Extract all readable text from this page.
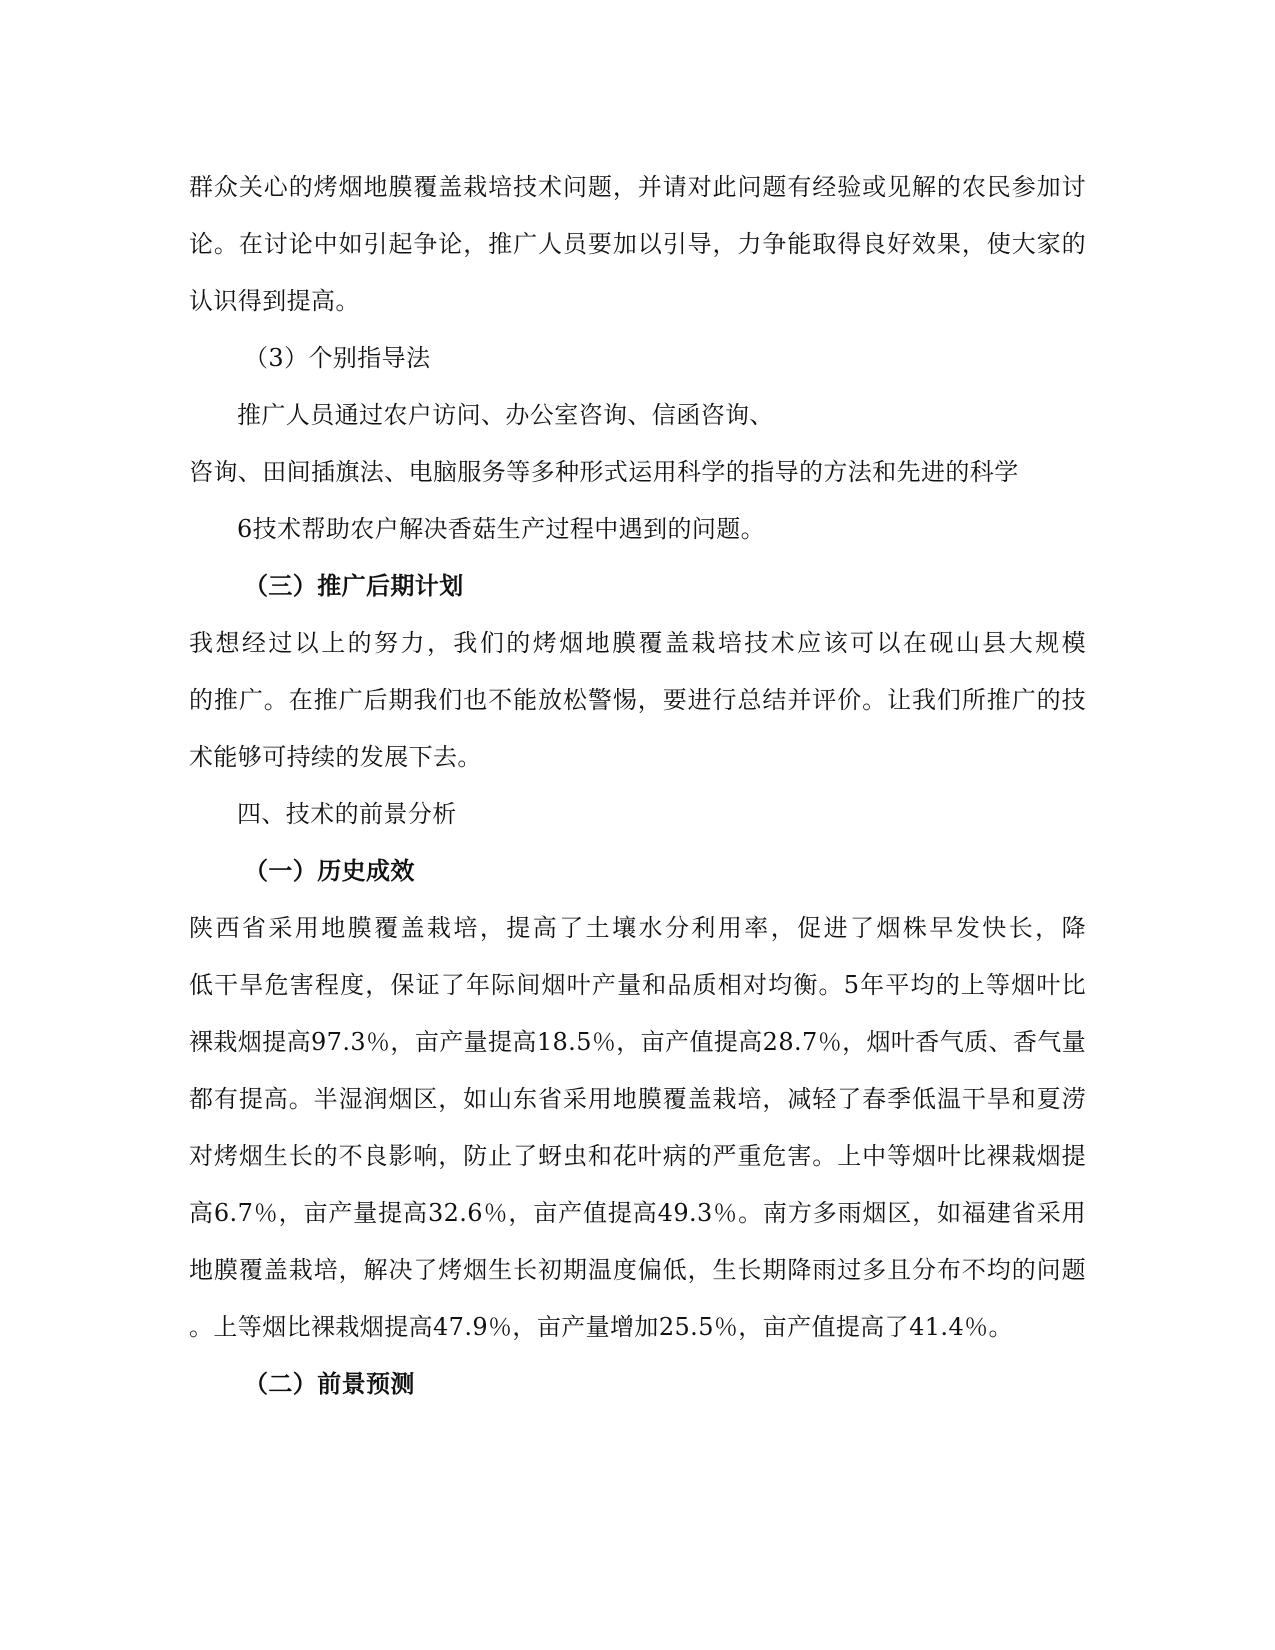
群众关心的烤烟地膜覆盖栽培技术问题，并请对此问题有经验或见解的农民参加讨
论。在讨论中如引起争论，推广人员要加以引导，力争能取得良好效果，使大家的
认识得到提高。
（3）个别指导法
推广人员通过农户访问、办公室咨询、信函咨询、
咨询、田间插旗法、电脑服务等多种形式运用科学的指导的方法和先进的科学
6技术帮助农户解决香菇生产过程中遇到的问题。
（三）推广后期计划
我想经过以上的努力，我们的烤烟地膜覆盖栽培技术应该可以在砚山县大规模
的推广。在推广后期我们也不能放松警惕，要进行总结并评价。让我们所推广的技
术能够可持续的发展下去。
四、技术的前景分析
（一）历史成效
陕西省采用地膜覆盖栽培，提高了土壤水分利用率，促进了烟株早发快长，降
低干旱危害程度，保证了年际间烟叶产量和品质相对均衡。5年平均的上等烟叶比
裸栽烟提高97.3％，亩产量提高18.5％，亩产值提高28.7％，烟叶香气质、香气量
都有提高。半湿润烟区，如山东省采用地膜覆盖栽培，减轻了春季低温干旱和夏涝
对烤烟生长的不良影响，防止了蚜虫和花叶病的严重危害。上中等烟叶比裸栽烟提
高6.7％，亩产量提高32.6％，亩产值提高49.3％。南方多雨烟区，如福建省采用
地膜覆盖栽培，解决了烤烟生长初期温度偏低，生长期降雨过多且分布不均的问题
。上等烟比裸栽烟提高47.9％，亩产量增加25.5％，亩产值提高了41.4％。
（二）前景预测
